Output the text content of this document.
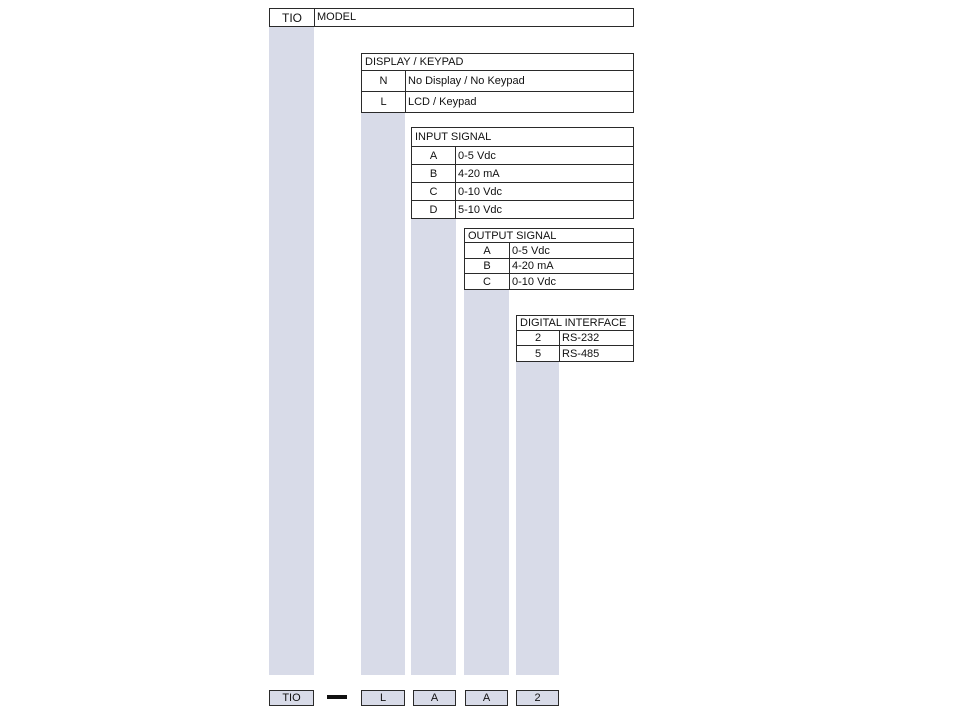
TIO	MODEL
DISPLAY / KEYPAD
N	No Display / No Keypad
L	LCD / Keypad
INPUT SIGNAL
A	0-5 Vdc
B	4-20 mA
C	0-10 Vdc
D	5-10 Vdc
OUTPUT SIGNAL
A	0-5 Vdc
B	4-20 mA
C	0-10 Vdc
DIGITAL INTERFACE
2	RS-232
5	RS-485
TIO	L	A	A	2
